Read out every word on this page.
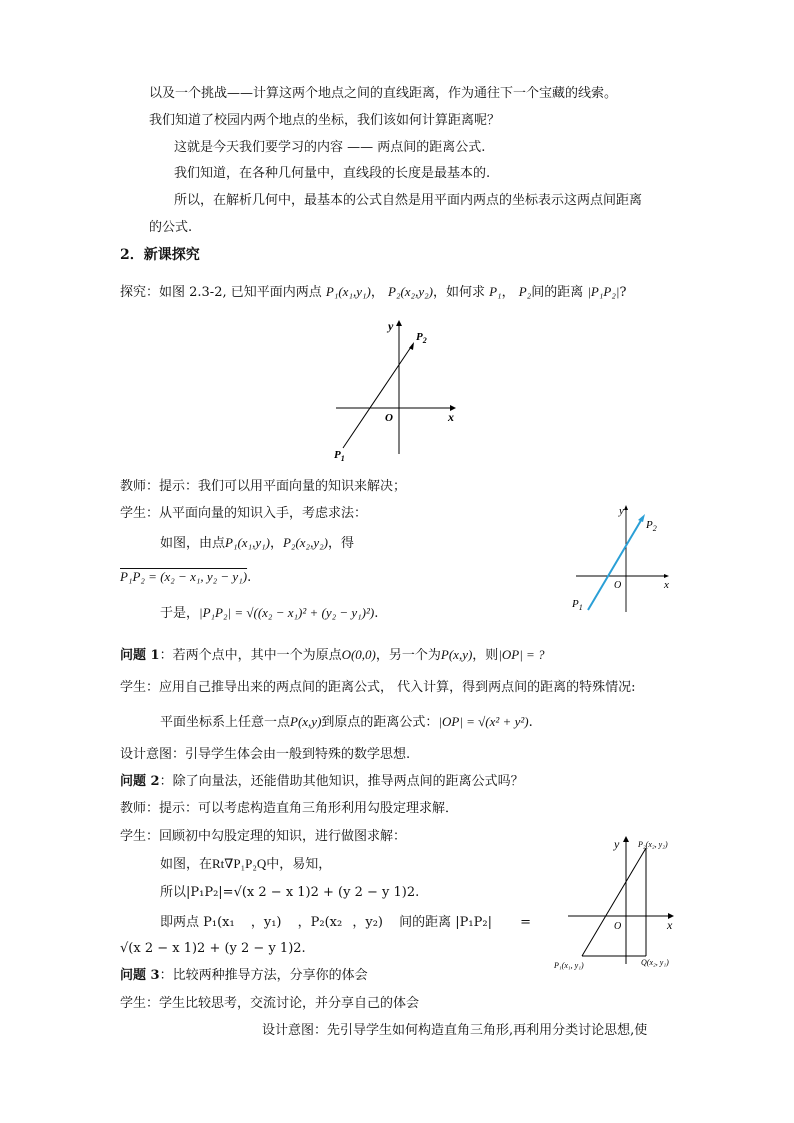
以及一个挑战——计算这两个地点之间的直线距离，作为通往下一个宝藏的线索。
我们知道了校园内两个地点的坐标，我们该如何计算距离呢？
这就是今天我们要学习的内容 —— 两点间的距离公式.
我们知道，在各种几何量中，直线段的长度是最基本的.
所以，在解析几何中，最基本的公式自然是用平面内两点的坐标表示这两点间距离
的公式.
2．新课探究
探究：如图 2.3-2, 已知平面内两点 P₁(x₁,y₁)， P₂(x₂,y₂)，如何求 P₁， P₂间的距离 |P₁P₂|?
y
x
O
$P_2$
$P_1$
教师：提示：我们可以用平面向量的知识来解决；
学生：从平面向量的知识入手，考虑求法：
如图，由点P₁(x₁,y₁)，P₂(x₂,y₂)，得
P₁P₂ = (x₂ − x₁, y₂ − y₁).
于是，|P₁P₂| = √((x₂ − x₁)² + (y₂ − y₁)²).
y
x
O
$P_2$
$P_1$
问题 1：若两个点中，其中一个为原点O(0,0)，另一个为P(x,y)，则|OP| = ?
学生：应用自己推导出来的两点间的距离公式， 代入计算，得到两点间的距离的特殊情况:
平面坐标系上任意一点P(x,y)到原点的距离公式：|OP| = √(x² + y²).
设计意图：引导学生体会由一般到特殊的数学思想.
问题 2：除了向量法，还能借助其他知识，推导两点间的距离公式吗？
教师：提示：可以考虑构造直角三角形利用勾股定理求解．
学生：回顾初中勾股定理的知识，进行做图求解：
如图，在Rt∇P₁P₂Q中，易知，
所以|P₁P₂|=√(x 2 − x 1)2 + (y 2 − y 1)2.
即两点 P₁(x₁ ，y₁) ，P₂(x₂ ，y₂) 间的距离 |P₁P₂| =
√(x 2 − x 1)2 + (y 2 − y 1)2.
y
x
O
P₂(x₂, y₂)
P₁(x₁, y₁)	Q(x₂, y₁)
问题 3：比较两种推导方法，分享你的体会
学生：学生比较思考，交流讨论，并分享自己的体会
设计意图：先引导学生如何构造直角三角形,再利用分类讨论思想,使
